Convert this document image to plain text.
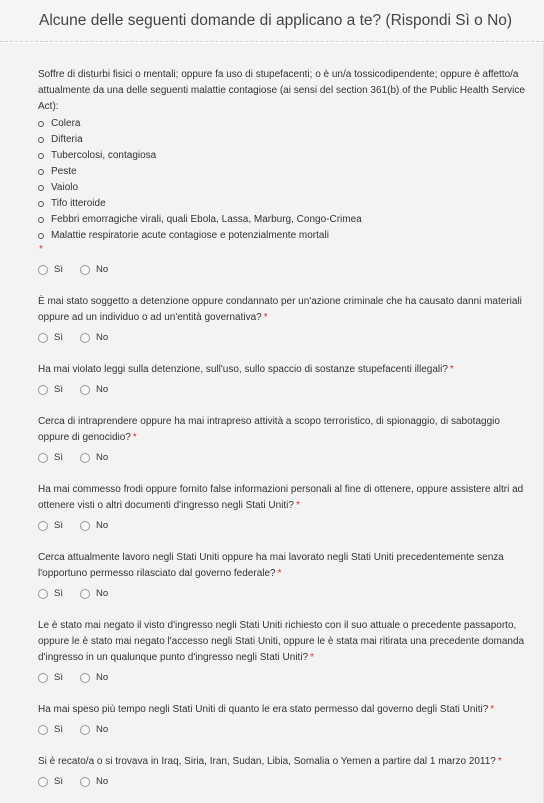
Alcune delle seguenti domande di applicano a te? (Rispondi Sì o No)
Soffre di disturbi fisici o mentali; oppure fa uso di stupefacenti; o è un/a tossicodipendente; oppure è affetto/a attualmente da una delle seguenti malattie contagiose (ai sensi del section 361(b) of the Public Health Service Act):
Colera
Difteria
Tubercolosi, contagiosa
Peste
Vaiolo
Tifo itteroide
Febbri emorragiche virali, quali Ebola, Lassa, Marburg, Congo-Crimea
Malattie respiratorie acute contagiose e potenzialmente mortali
*
Sì	No
È mai stato soggetto a detenzione oppure condannato per un'azione criminale che ha causato danni materiali oppure ad un individuo o ad un'entità governativa? *
Sì	No
Ha mai violato leggi sulla detenzione, sull'uso, sullo spaccio di sostanze stupefacenti illegali? *
Sì	No
Cerca di intraprendere oppure ha mai intrapreso attività a scopo terroristico, di spionaggio, di sabotaggio oppure di genocidio? *
Sì	No
Ha mai commesso frodi oppure fornito false informazioni personali al fine di ottenere, oppure assistere altri ad ottenere visti o altri documenti d'ingresso negli Stati Uniti? *
Sì	No
Cerca attualmente lavoro negli Stati Uniti oppure ha mai lavorato negli Stati Uniti precedentemente senza l'opportuno permesso rilasciato dal governo federale? *
Sì	No
Le è stato mai negato il visto d'ingresso negli Stati Uniti richiesto con il suo attuale o precedente passaporto, oppure le è stato mai negato l'accesso negli Stati Uniti, oppure le è stata mai ritirata una precedente domanda d'ingresso in un qualunque punto d'ingresso negli Stati Uniti? *
Sì	No
Ha mai speso più tempo negli Stati Uniti di quanto le era stato permesso dal governo degli Stati Uniti? *
Sì	No
Si è recato/a o si trovava in Iraq, Siria, Iran, Sudan, Libia, Somalia o Yemen a partire dal 1 marzo 2011? *
Sì	No
